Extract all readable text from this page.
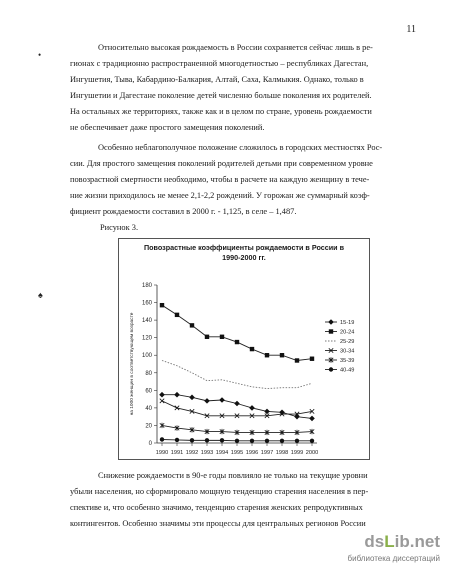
11
•
♠

Относительно высокая рождаемость в России сохраняется сейчас лишь в ре-
гионах с традиционно распространенной многодетностью – республиках Дагестан,
Ингушетия, Тыва, Кабардино-Балкария, Алтай, Саха, Калмыкия. Однако, только в
Ингушетии и Дагестане поколение детей численно больше поколения их родителей.
На остальных же территориях, также как и в целом по стране, уровень рождаемости
не обеспечивает даже простого замещения поколений.

Особенно неблагополучное положение сложилось в городских местностях Рос-
сии. Для простого замещения поколений родителей детьми при современном уровне
повозрастной смертности необходимо, чтобы в расчете на каждую женщину в тече-
ние жизни приходилось не менее 2,1-2,2 рождений. У горожан же суммарный коэф-
фициент рождаемости составил в 2000 г. - 1,125, в селе – 1,487.

Рисунок 3.
Повозрастные коэффициенты рождаемости в России в
1990-2000 гг.
0
20
40
60
80
100
120
140
160
180
1990 1991 1992 1993 1994 1995 1996 1997 1998 1999 2000
на 1000 женщин в соответствующем возрасте	15-19
20-24
25-29
30-34
35-39
40-49

Снижение рождаемости в 90-е годы повлияло не только на текущие уровни
убыли населения, но сформировало мощную тенденцию старения населения в пер-
спективе и, что особенно значимо, тенденцию старения женских репродуктивных
контингентов. Особенно значимы эти процессы для центральных регионов России

dsLib.net
библиотека диссертаций
